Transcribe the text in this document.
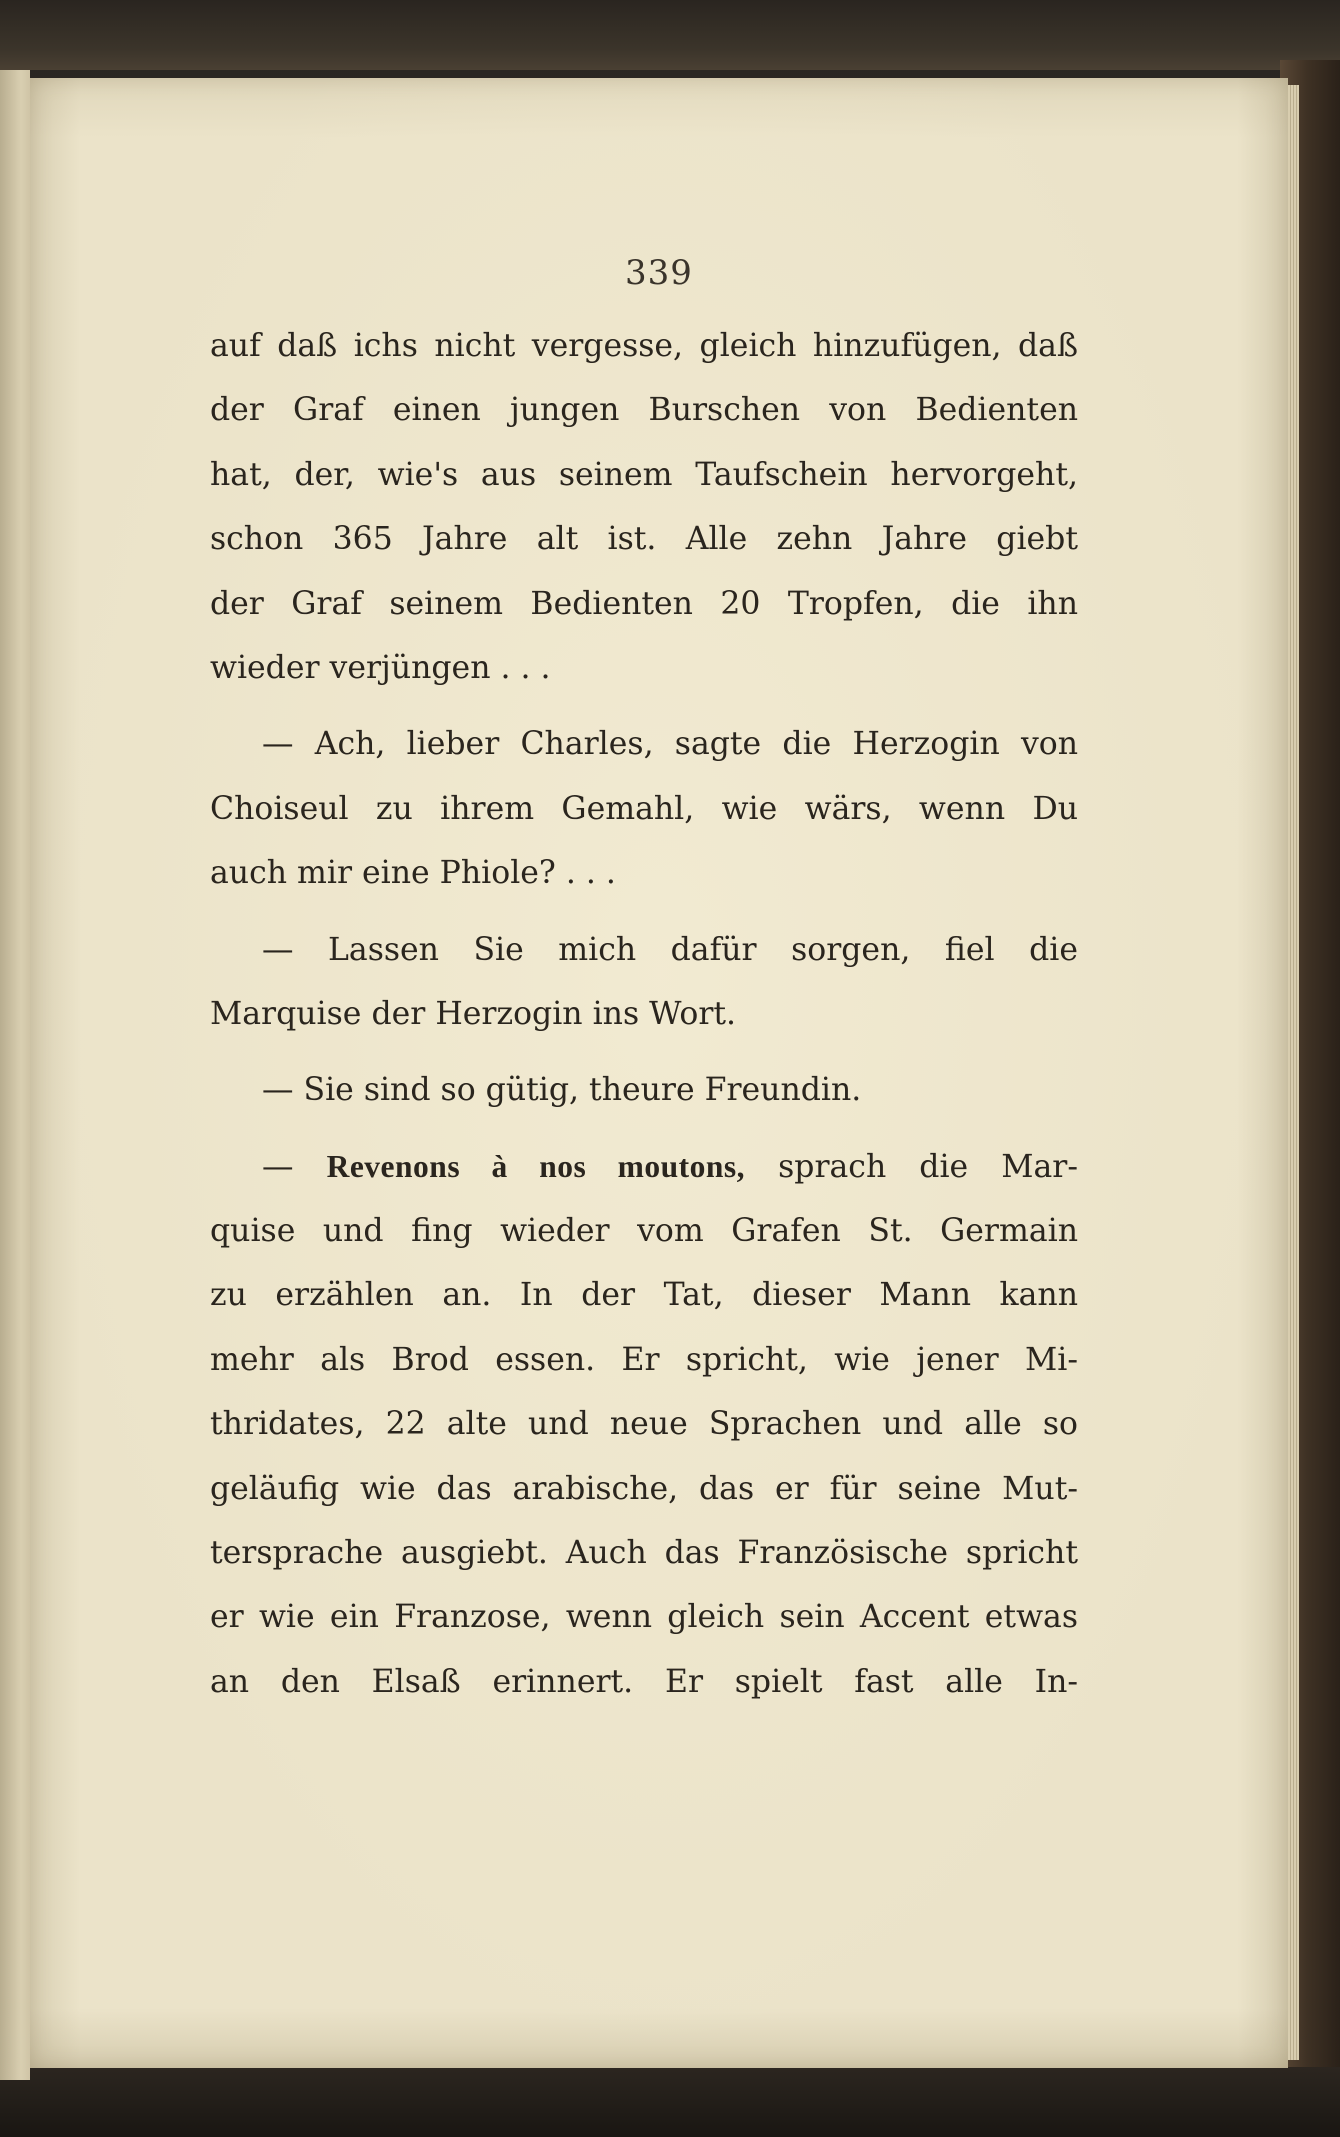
339
auf daß ichs nicht vergesse, gleich hinzufügen, daß
der Graf einen jungen Burschen von Bedienten
hat, der, wie's aus seinem Taufschein hervorgeht,
schon 365 Jahre alt ist. Alle zehn Jahre giebt
der Graf seinem Bedienten 20 Tropfen, die ihn
wieder verjüngen . . .
— Ach, lieber Charles, sagte die Herzogin von
Choiseul zu ihrem Gemahl, wie wärs, wenn Du
auch mir eine Phiole? . . .
— Lassen Sie mich dafür sorgen, fiel die
Marquise der Herzogin ins Wort.
— Sie sind so gütig, theure Freundin.
— Revenons à nos moutons, sprach die Mar-
quise und fing wieder vom Grafen St. Germain
zu erzählen an. In der Tat, dieser Mann kann
mehr als Brod essen. Er spricht, wie jener Mi-
thridates, 22 alte und neue Sprachen und alle so
geläufig wie das arabische, das er für seine Mut-
tersprache ausgiebt. Auch das Französische spricht
er wie ein Franzose, wenn gleich sein Accent etwas
an den Elsaß erinnert. Er spielt fast alle In-
